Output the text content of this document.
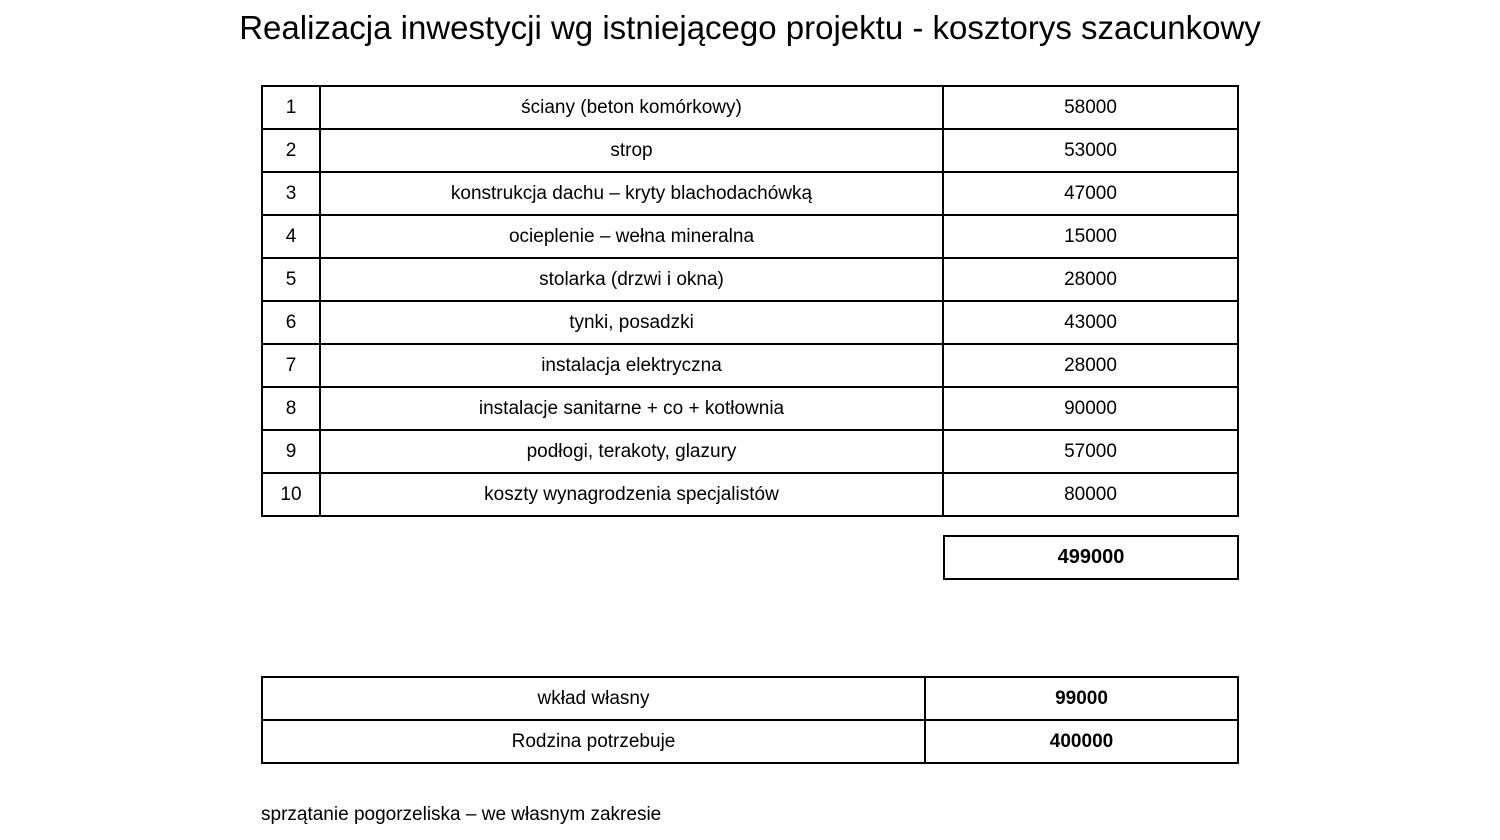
Realizacja inwestycji wg istniejącego projektu - kosztorys szacunkowy
1	ściany (beton komórkowy)	58000
2	strop	53000
3	konstrukcja dachu – kryty blachodachówką	47000
4	ocieplenie – wełna mineralna	15000
5	stolarka (drzwi i okna)	28000
6	tynki, posadzki	43000
7	instalacja elektryczna	28000
8	instalacje sanitarne + co + kotłownia	90000
9	podłogi, terakoty, glazury	57000
10	koszty wynagrodzenia specjalistów	80000
499000
wkład własny	99000
Rodzina potrzebuje	400000
sprzątanie pogorzeliska – we własnym zakresie
